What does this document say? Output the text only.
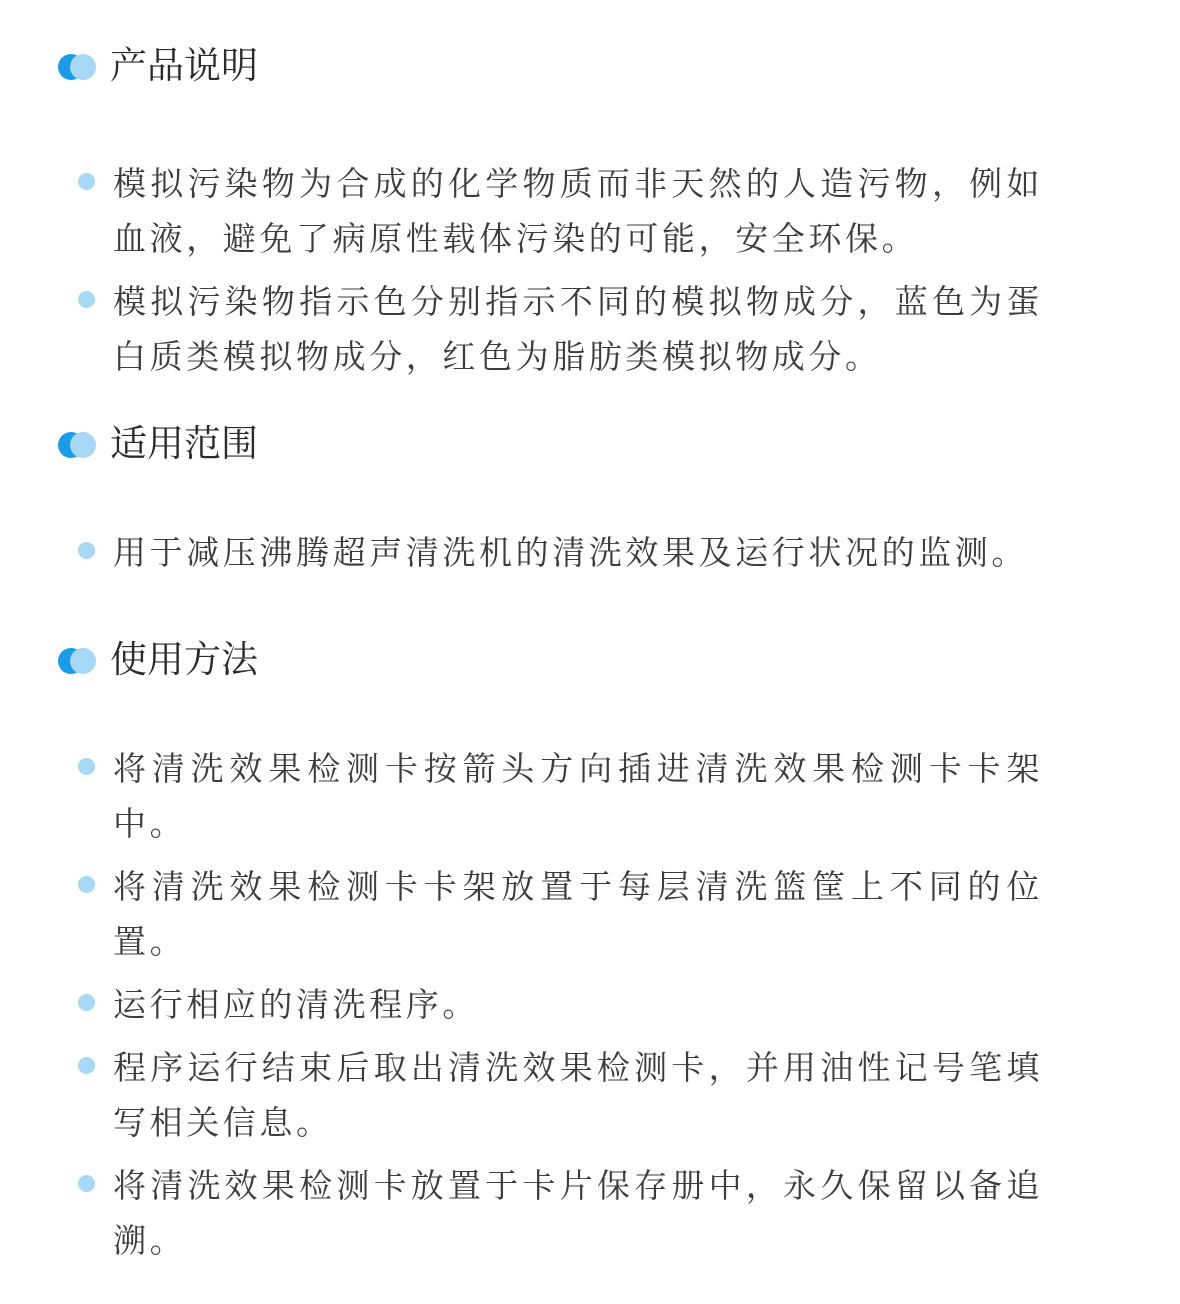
产品说明
模拟污染物为合成的化学物质而非天然的人造污物，例如血液，避免了病原性载体污染的可能，安全环保。
模拟污染物指示色分别指示不同的模拟物成分，蓝色为蛋白质类模拟物成分，红色为脂肪类模拟物成分。
适用范围
用于减压沸腾超声清洗机的清洗效果及运行状况的监测。
使用方法
将清洗效果检测卡按箭头方向插进清洗效果检测卡卡架中。
将清洗效果检测卡卡架放置于每层清洗篮筐上不同的位置。
运行相应的清洗程序。
程序运行结束后取出清洗效果检测卡，并用油性记号笔填写相关信息。
将清洗效果检测卡放置于卡片保存册中，永久保留以备追溯。
